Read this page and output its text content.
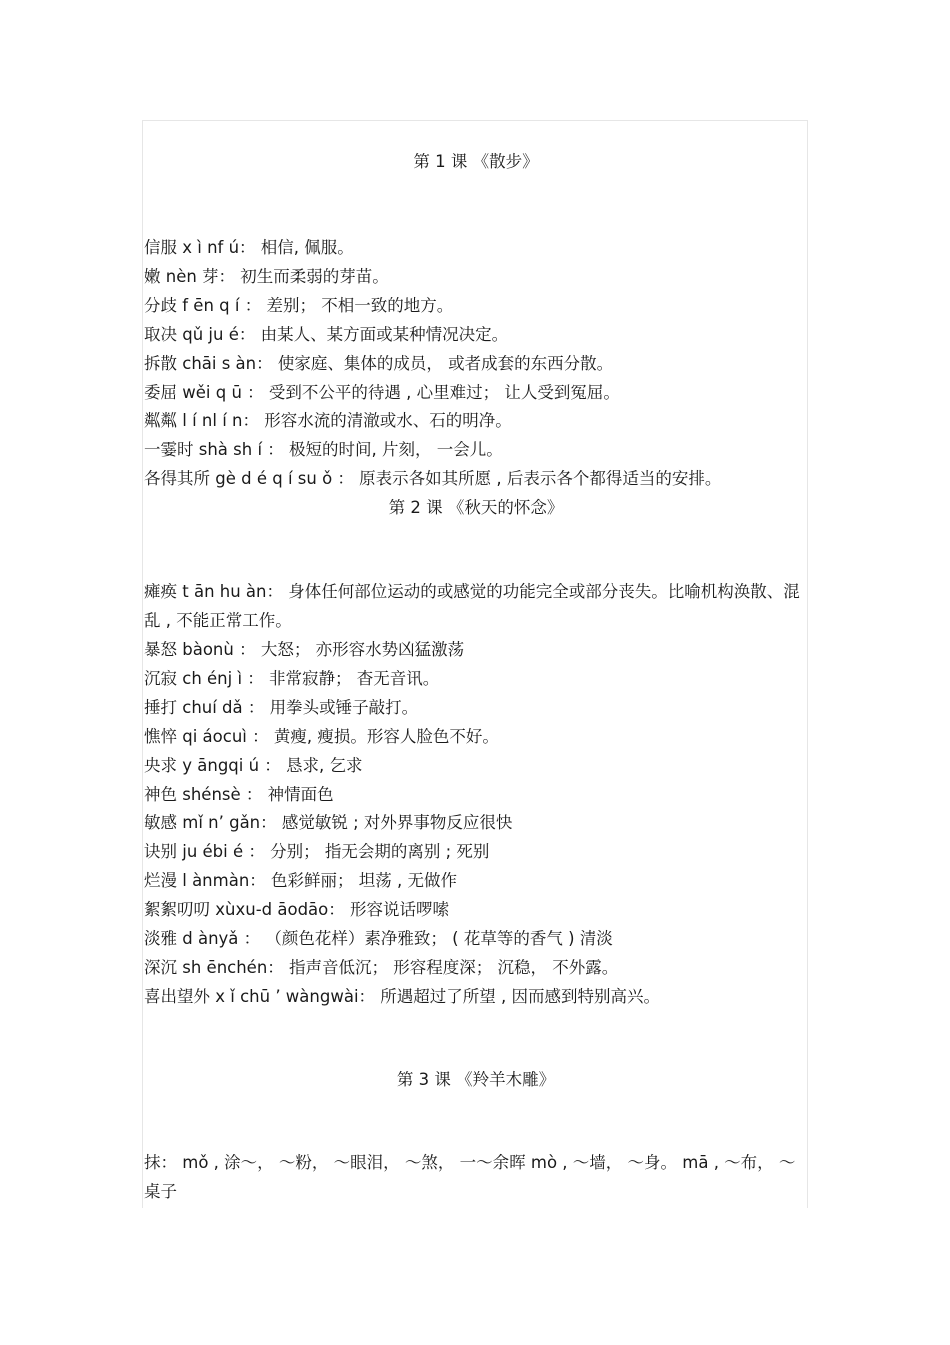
第 1 课 《散步》
信服 x ì nf ú： 相信, 佩服。
嫩 nèn 芽： 初生而柔弱的芽苗。
分歧 f ēn q í ： 差别； 不相一致的地方。
取决 qǔ ju é： 由某人、某方面或某种情况决定。
拆散 chāi s àn： 使家庭、集体的成员， 或者成套的东西分散。
委屈 wěi q ū ： 受到不公平的待遇 , 心里难过； 让人受到冤屈。
粼粼 l í nl í n： 形容水流的清澈或水、石的明净。
一霎时 shà sh í ： 极短的时间, 片刻， 一会儿。
各得其所 gè d é q í su ǒ ： 原表示各如其所愿 , 后表示各个都得适当的安排。
第 2 课 《秋天的怀念》
瘫痪 t ān hu àn： 身体任何部位运动的或感觉的功能完全或部分丧失。比喻机构涣散、混乱 , 不能正常工作。
暴怒 bàonù ： 大怒； 亦形容水势凶猛激荡
沉寂 ch énj ì ： 非常寂静； 杳无音讯。
捶打 chuí dǎ ： 用拳头或锤子敲打。
憔悴 qi áocuì ： 黄瘦, 瘦损。形容人脸色不好。
央求 y āngqi ú ： 恳求, 乞求
神色 shénsè ： 神情面色
敏感 mǐ n’ gǎn： 感觉敏锐 ; 对外界事物反应很快
诀别 ju ébi é ： 分别； 指无会期的离别 ; 死别
烂漫 l ànmàn： 色彩鲜丽； 坦荡 , 无做作
絮絮叨叨 xùxu-d āodāo： 形容说话啰嗦
淡雅 d ànyǎ ： （颜色花样）素净雅致； ( 花草等的香气 ) 清淡
深沉 sh ēnchén： 指声音低沉； 形容程度深； 沉稳， 不外露。
喜出望外 x ǐ chū ’ wàngwài： 所遇超过了所望 , 因而感到特别高兴。
第 3 课 《羚羊木雕》
抹： mǒ , 涂～， ～粉， ～眼泪， ～煞， 一～余晖 mò , ～墙， ～身。 mā , ～布， ～桌子
